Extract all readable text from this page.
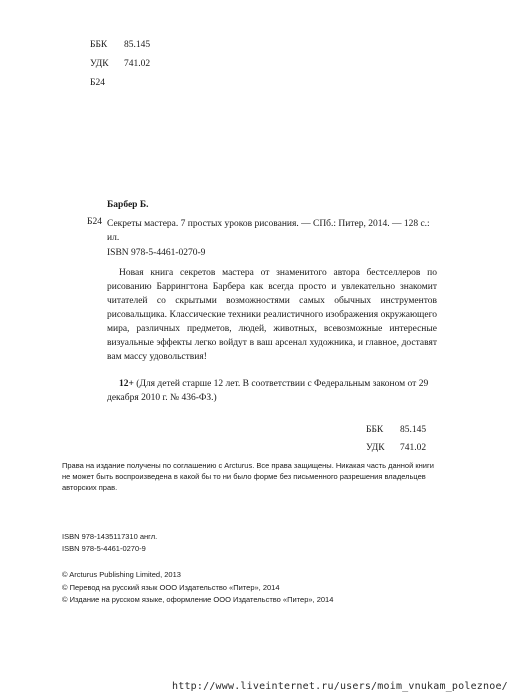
ББК	85.145
УДК	741.02
Б24
Барбер Б.
Б24 Секреты мастера. 7 простых уроков рисования. — СПб.: Питер, 2014. — 128 с.: ил.
ISBN 978-5-4461-0270-9
Новая книга секретов мастера от знаменитого автора бестселлеров по рисованию Баррингтона Барбера как всегда просто и увлекательно знакомит читателей со скрытыми возможностями самых обычных инструментов рисовальщика. Классические техники реалистичного изображения окружающего мира, различных предметов, людей, животных, всевозможные интересные визуальные эффекты легко войдут в ваш арсенал художника, и главное, доставят вам массу удовольствия!
12+ (Для детей старше 12 лет. В соответствии с Федеральным законом от 29 декабря 2010 г. № 436-ФЗ.)
ББК	85.145
УДК	741.02
Права на издание получены по соглашению с Arcturus. Все права защищены. Никакая часть данной книги не может быть воспроизведена в какой бы то ни было форме без письменного разрешения владельцев авторских прав.
ISBN 978-1435117310 англ.
ISBN 978-5-4461-0270-9
© Arcturus Publishing Limited, 2013
© Перевод на русский язык ООО Издательство «Питер», 2014
© Издание на русском языке, оформление ООО Издательство «Питер», 2014
http://www.liveinternet.ru/users/moim_vnukam_poleznoe/
